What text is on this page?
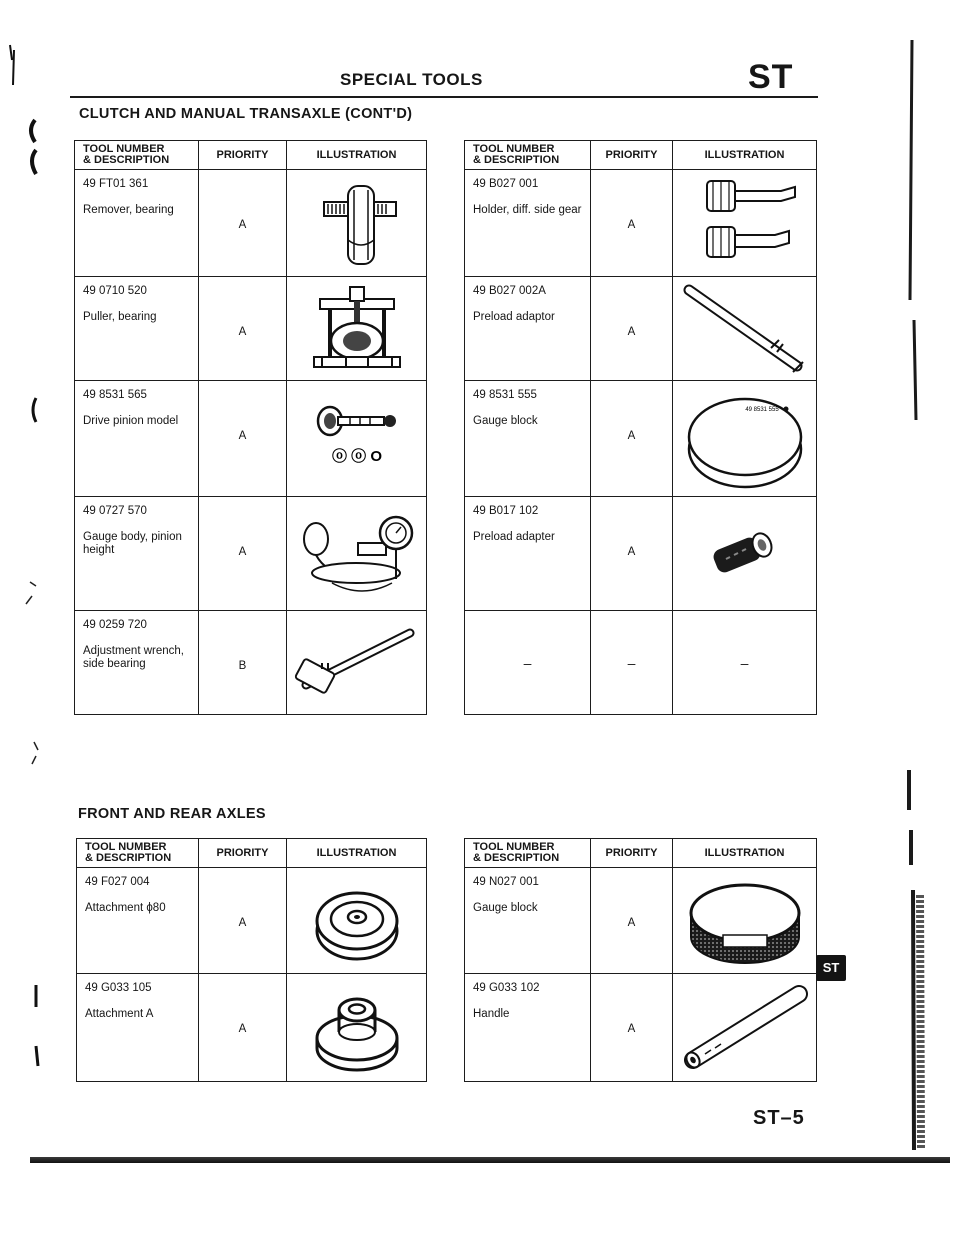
SPECIAL TOOLS	ST
CLUTCH AND MANUAL TRANSAXLE (CONT'D)
TOOL NUMBER
& DESCRIPTION	PRIORITY	ILLUSTRATION

49 FT01 361
Remover, bearing	A	

49 0710 520
Puller, bearing	A	

49 8531 565
Drive pinion model	A	ⓞ ⓞ O

49 0727 570
Gauge body, pinion height	A	

49 0259 720
Adjustment wrench, side bearing	B	
TOOL NUMBER
& DESCRIPTION	PRIORITY	ILLUSTRATION

49 B027 001
Holder, diff. side gear	A	

49 B027 002A
Preload adaptor	A	

49 8531 555
Gauge block	A	49 8531 555

49 B017 102
Preload adapter	A	

–	–	–
FRONT AND REAR AXLES
TOOL NUMBER
& DESCRIPTION	PRIORITY	ILLUSTRATION

49 F027 004
Attachment ϕ80	A	

49 G033 105
Attachment A	A	
TOOL NUMBER
& DESCRIPTION	PRIORITY	ILLUSTRATION

49 N027 001
Gauge block	A	

49 G033 102
Handle	A	
ST
ST–5
